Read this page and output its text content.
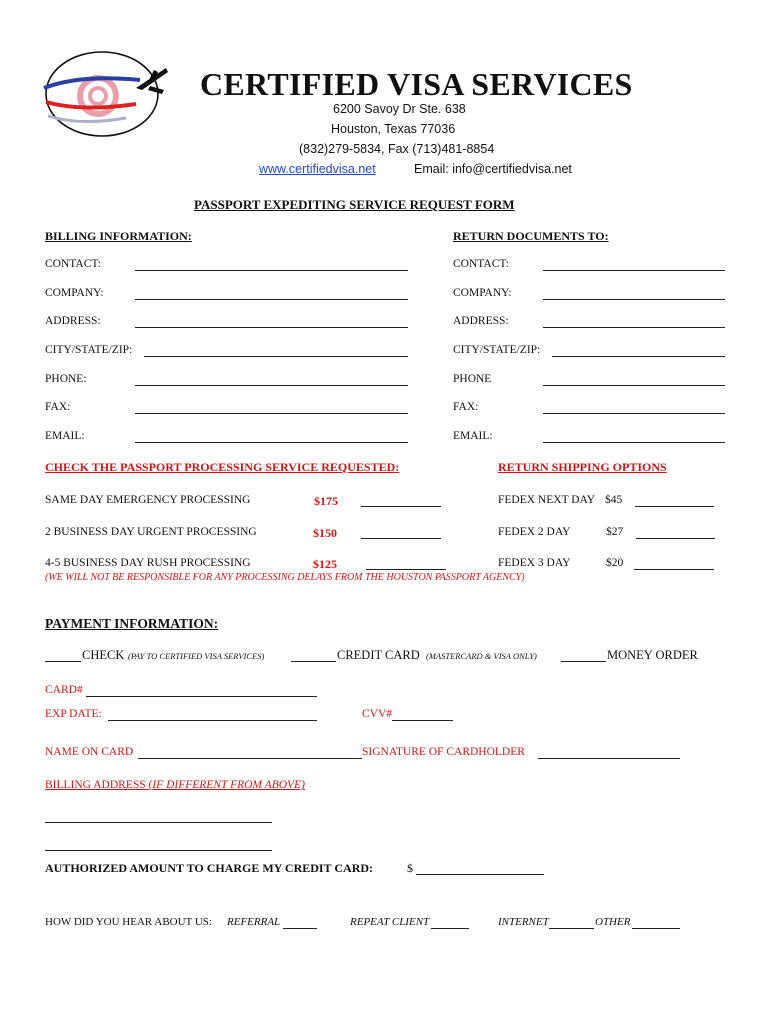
CERTIFIED VISA SERVICES
6200 Savoy Dr Ste. 638
Houston, Texas 77036
(832)279-5834, Fax (713)481-8854
www.certifiedvisa.net	Email: info@certifiedvisa.net
PASSPORT EXPEDITING SERVICE REQUEST FORM
BILLING INFORMATION:	RETURN DOCUMENTS TO:
CONTACT:
COMPANY:
ADDRESS:
CITY/STATE/ZIP:
PHONE:
FAX:
EMAIL:
CONTACT:
COMPANY:
ADDRESS:
CITY/STATE/ZIP:
PHONE
FAX:
EMAIL:
CHECK THE PASSPORT PROCESSING SERVICE REQUESTED:	RETURN SHIPPING OPTIONS
SAME DAY EMERGENCY PROCESSING	$175
2 BUSINESS DAY URGENT PROCESSING	$150
4-5 BUSINESS DAY RUSH PROCESSING	$125
(WE WILL NOT BE RESPONSIBLE FOR ANY PROCESSING DELAYS FROM THE HOUSTON PASSPORT AGENCY)
FEDEX NEXT DAY $45
FEDEX 2 DAY	$27
FEDEX 3 DAY	$20
PAYMENT INFORMATION:
CHECK (PAY TO CERTIFIED VISA SERVICES)	CREDIT CARD (MASTERCARD & VISA ONLY)	MONEY ORDER
CARD#
EXP DATE:	CVV#
NAME ON CARD	SIGNATURE OF CARDHOLDER
BILLING ADDRESS (IF DIFFERENT FROM ABOVE)
AUTHORIZED AMOUNT TO CHARGE MY CREDIT CARD:	$
HOW DID YOU HEAR ABOUT US: REFERRAL	REPEAT CLIENT	INTERNET	OTHER
